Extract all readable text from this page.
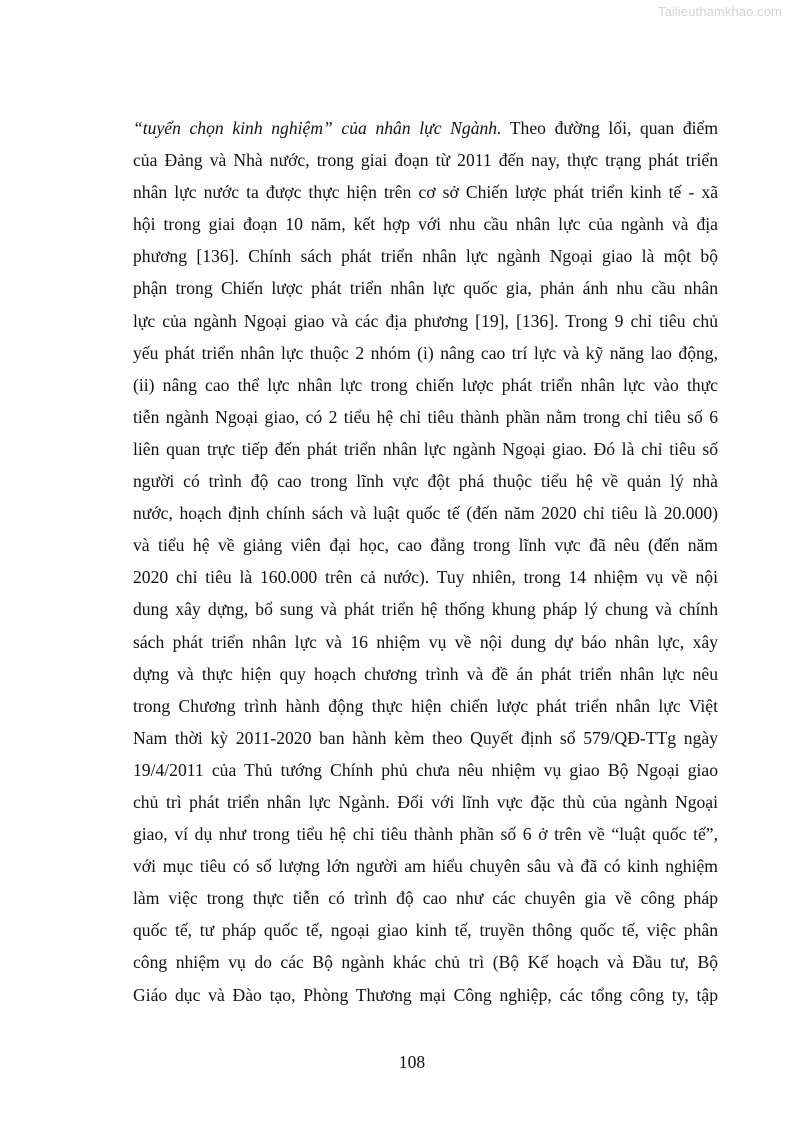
Tailieuthamkhao.com
“tuyển chọn kinh nghiệm” của nhân lực Ngành. Theo đường lối, quan điểm
của Đảng và Nhà nước, trong giai đoạn từ 2011 đến nay, thực trạng phát triển
nhân lực nước ta được thực hiện trên cơ sở Chiến lược phát triển kinh tế - xã
hội trong giai đoạn 10 năm, kết hợp với nhu cầu nhân lực của ngành và địa
phương [136]. Chính sách phát triển nhân lực ngành Ngoại giao là một bộ
phận trong Chiến lược phát triển nhân lực quốc gia, phản ánh nhu cầu nhân
lực của ngành Ngoại giao và các địa phương [19], [136]. Trong 9 chỉ tiêu chủ
yếu phát triển nhân lực thuộc 2 nhóm (i) nâng cao trí lực và kỹ năng lao động,
(ii) nâng cao thể lực nhân lực trong chiến lược phát triển nhân lực vào thực
tiễn ngành Ngoại giao, có 2 tiểu hệ chỉ tiêu thành phần nằm trong chỉ tiêu số 6
liên quan trực tiếp đến phát triển nhân lực ngành Ngoại giao. Đó là chỉ tiêu số
người có trình độ cao trong lĩnh vực đột phá thuộc tiểu hệ về quản lý nhà
nước, hoạch định chính sách và luật quốc tế (đến năm 2020 chỉ tiêu là 20.000)
và tiểu hệ về giảng viên đại học, cao đẳng trong lĩnh vực đã nêu (đến năm
2020 chỉ tiêu là 160.000 trên cả nước). Tuy nhiên, trong 14 nhiệm vụ về nội
dung xây dựng, bổ sung và phát triển hệ thống khung pháp lý chung và chính
sách phát triển nhân lực và 16 nhiệm vụ về nội dung dự báo nhân lực, xây
dựng và thực hiện quy hoạch chương trình và đề án phát triển nhân lực nêu
trong Chương trình hành động thực hiện chiến lược phát triển nhân lực Việt
Nam thời kỳ 2011-2020 ban hành kèm theo Quyết định số 579/QĐ-TTg ngày
19/4/2011 của Thủ tướng Chính phủ chưa nêu nhiệm vụ giao Bộ Ngoại giao
chủ trì phát triển nhân lực Ngành. Đối với lĩnh vực đặc thù của ngành Ngoại
giao, ví dụ như trong tiểu hệ chỉ tiêu thành phần số 6 ở trên về “luật quốc tế”,
với mục tiêu có số lượng lớn người am hiểu chuyên sâu và đã có kinh nghiệm
làm việc trong thực tiễn có trình độ cao như các chuyên gia về công pháp
quốc tế, tư pháp quốc tế, ngoại giao kinh tế, truyền thông quốc tế, việc phân
công nhiệm vụ do các Bộ ngành khác chủ trì (Bộ Kế hoạch và Đầu tư, Bộ
Giáo dục và Đào tạo, Phòng Thương mại Công nghiệp, các tổng công ty, tập
108
